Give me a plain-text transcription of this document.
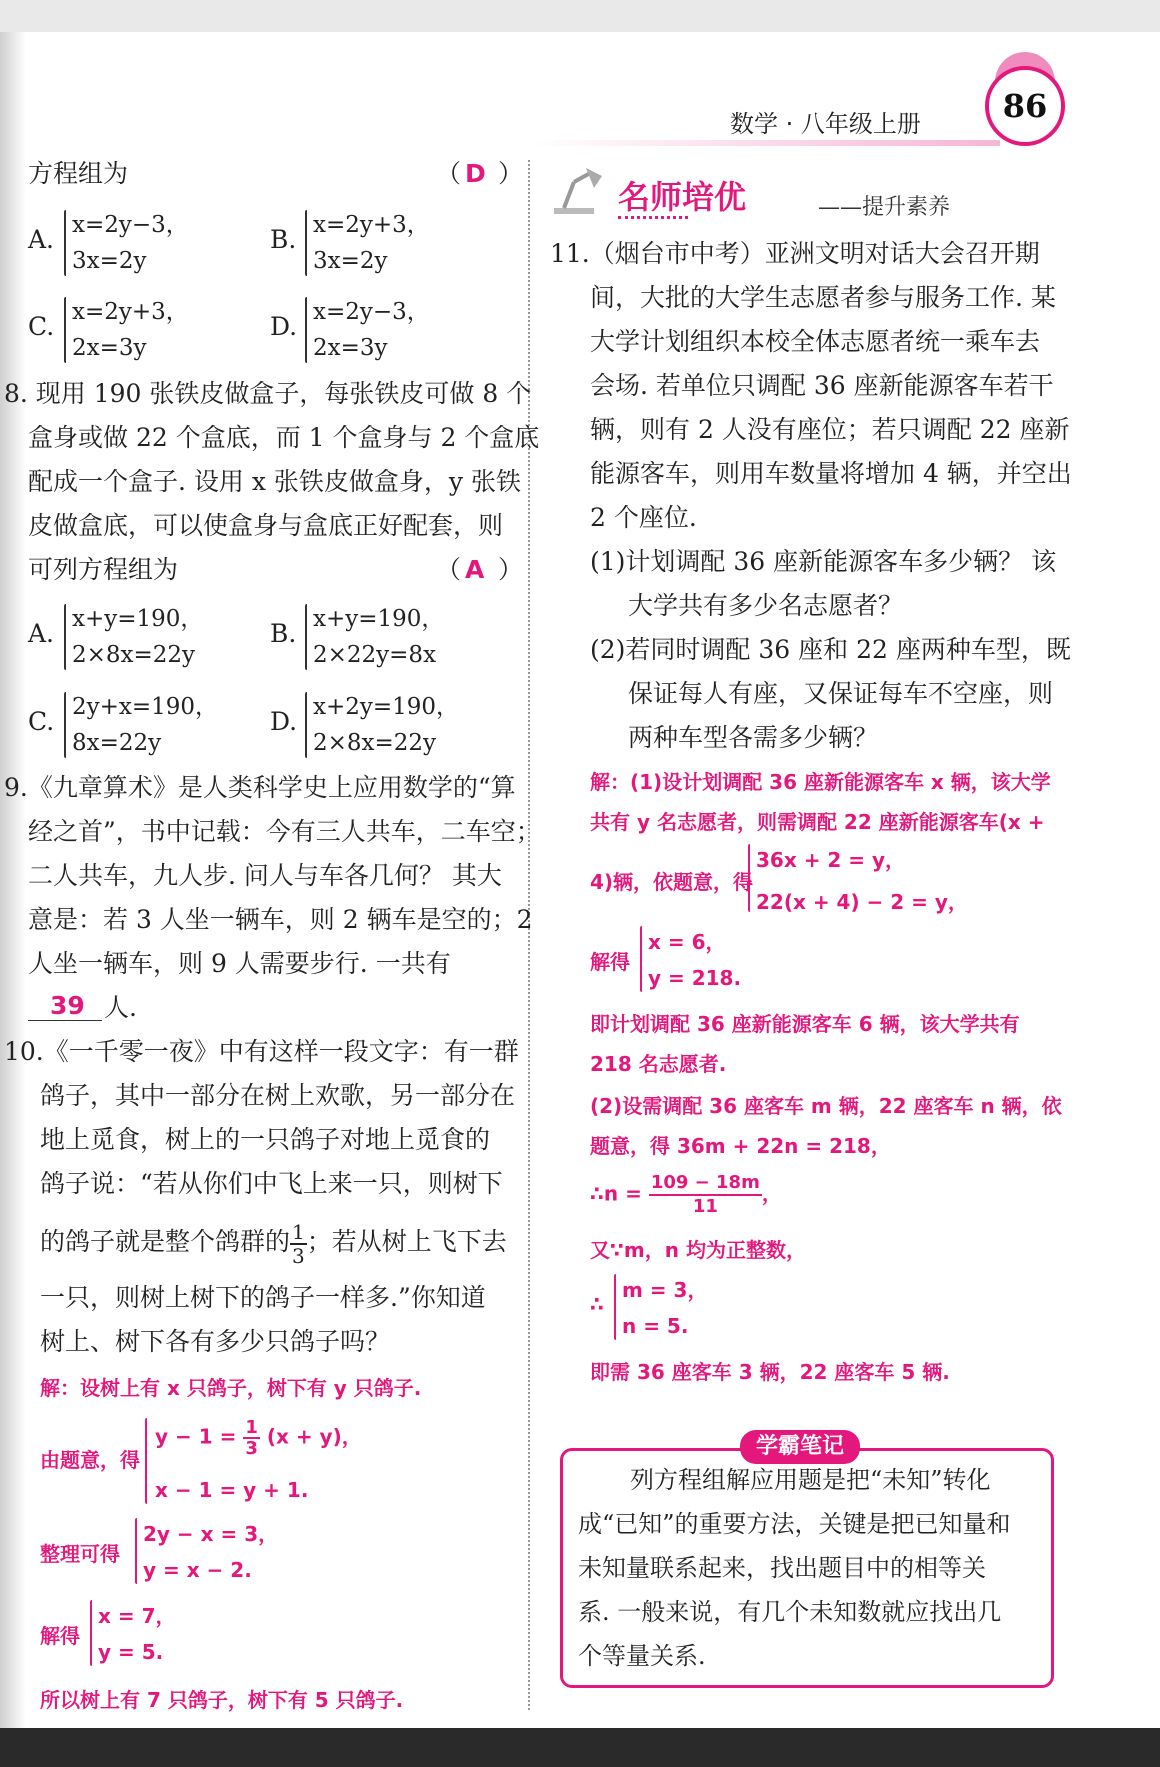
数学 · 八年级上册	86
方程组为	（ D ）
A. x=2y−3，
3x=2y
B. x=2y+3，
3x=2y
C. x=2y+3，
2x=3y
D. x=2y−3，
2x=3y
8. 现用 190 张铁皮做盒子，每张铁皮可做 8 个
盒身或做 22 个盒底，而 1 个盒身与 2 个盒底
配成一个盒子. 设用 x 张铁皮做盒身，y 张铁
皮做盒底，可以使盒身与盒底正好配套，则
可列方程组为	（ A ）
A. x+y=190，
2×8x=22y
B. x+y=190，
2×22y=8x
C. 2y+x=190，
8x=22y
D. x+2y=190，
2×8x=22y
9.《九章算术》是人类科学史上应用数学的“算
经之首”，书中记载：今有三人共车，二车空；
二人共车，九人步. 问人与车各几何？ 其大
意是：若 3 人坐一辆车，则 2 辆车是空的；2
人坐一辆车，则 9 人需要步行. 一共有
39 人.
10.《一千零一夜》中有这样一段文字：有一群
鸽子，其中一部分在树上欢歌，另一部分在
地上觅食，树上的一只鸽子对地上觅食的
鸽子说：“若从你们中飞上来一只，则树下
的鸽子就是整个鸽群的 $\frac{1}{3}$ ；若从树上飞下去
一只，则树上树下的鸽子一样多.”你知道
树上、树下各有多少只鸽子吗？
解：设树上有 x 只鸽子，树下有 y 只鸽子.
由题意，得
$y - 1 = \frac{1}{3} (x + y)$，
x − 1 = y + 1.
整理可得
2y − x = 3，
y = x − 2.
解得
x = 7，
y = 5.
所以树上有 7 只鸽子，树下有 5 只鸽子.
名师培优	——提升素养
11.（烟台市中考）亚洲文明对话大会召开期
间，大批的大学生志愿者参与服务工作. 某
大学计划组织本校全体志愿者统一乘车去
会场. 若单位只调配 36 座新能源客车若干
辆，则有 2 人没有座位；若只调配 22 座新
能源客车，则用车数量将增加 4 辆，并空出
2 个座位.
(1)计划调配 36 座新能源客车多少辆？ 该
大学共有多少名志愿者？
(2)若同时调配 36 座和 22 座两种车型，既
保证每人有座，又保证每车不空座，则
两种车型各需多少辆？
解：(1)设计划调配 36 座新能源客车 x 辆，该大学
共有 y 名志愿者，则需调配 22 座新能源客车(x +
4)辆，依题意，得
36x + 2 = y，
22(x + 4) − 2 = y，
解得
x = 6，
y = 218.
即计划调配 36 座新能源客车 6 辆，该大学共有
218 名志愿者.
(2)设需调配 36 座客车 m 辆，22 座客车 n 辆，依
题意，得 36m + 22n = 218，
∴n = $\frac{109 - 18m}{11}$ ，
又∵m，n 均为正整数，
∴
m = 3，
n = 5.
即需 36 座客车 3 辆，22 座客车 5 辆.
学霸笔记
列方程组解应用题是把“未知”转化
成“已知”的重要方法，关键是把已知量和
未知量联系起来，找出题目中的相等关
系. 一般来说，有几个未知数就应找出几
个等量关系.
